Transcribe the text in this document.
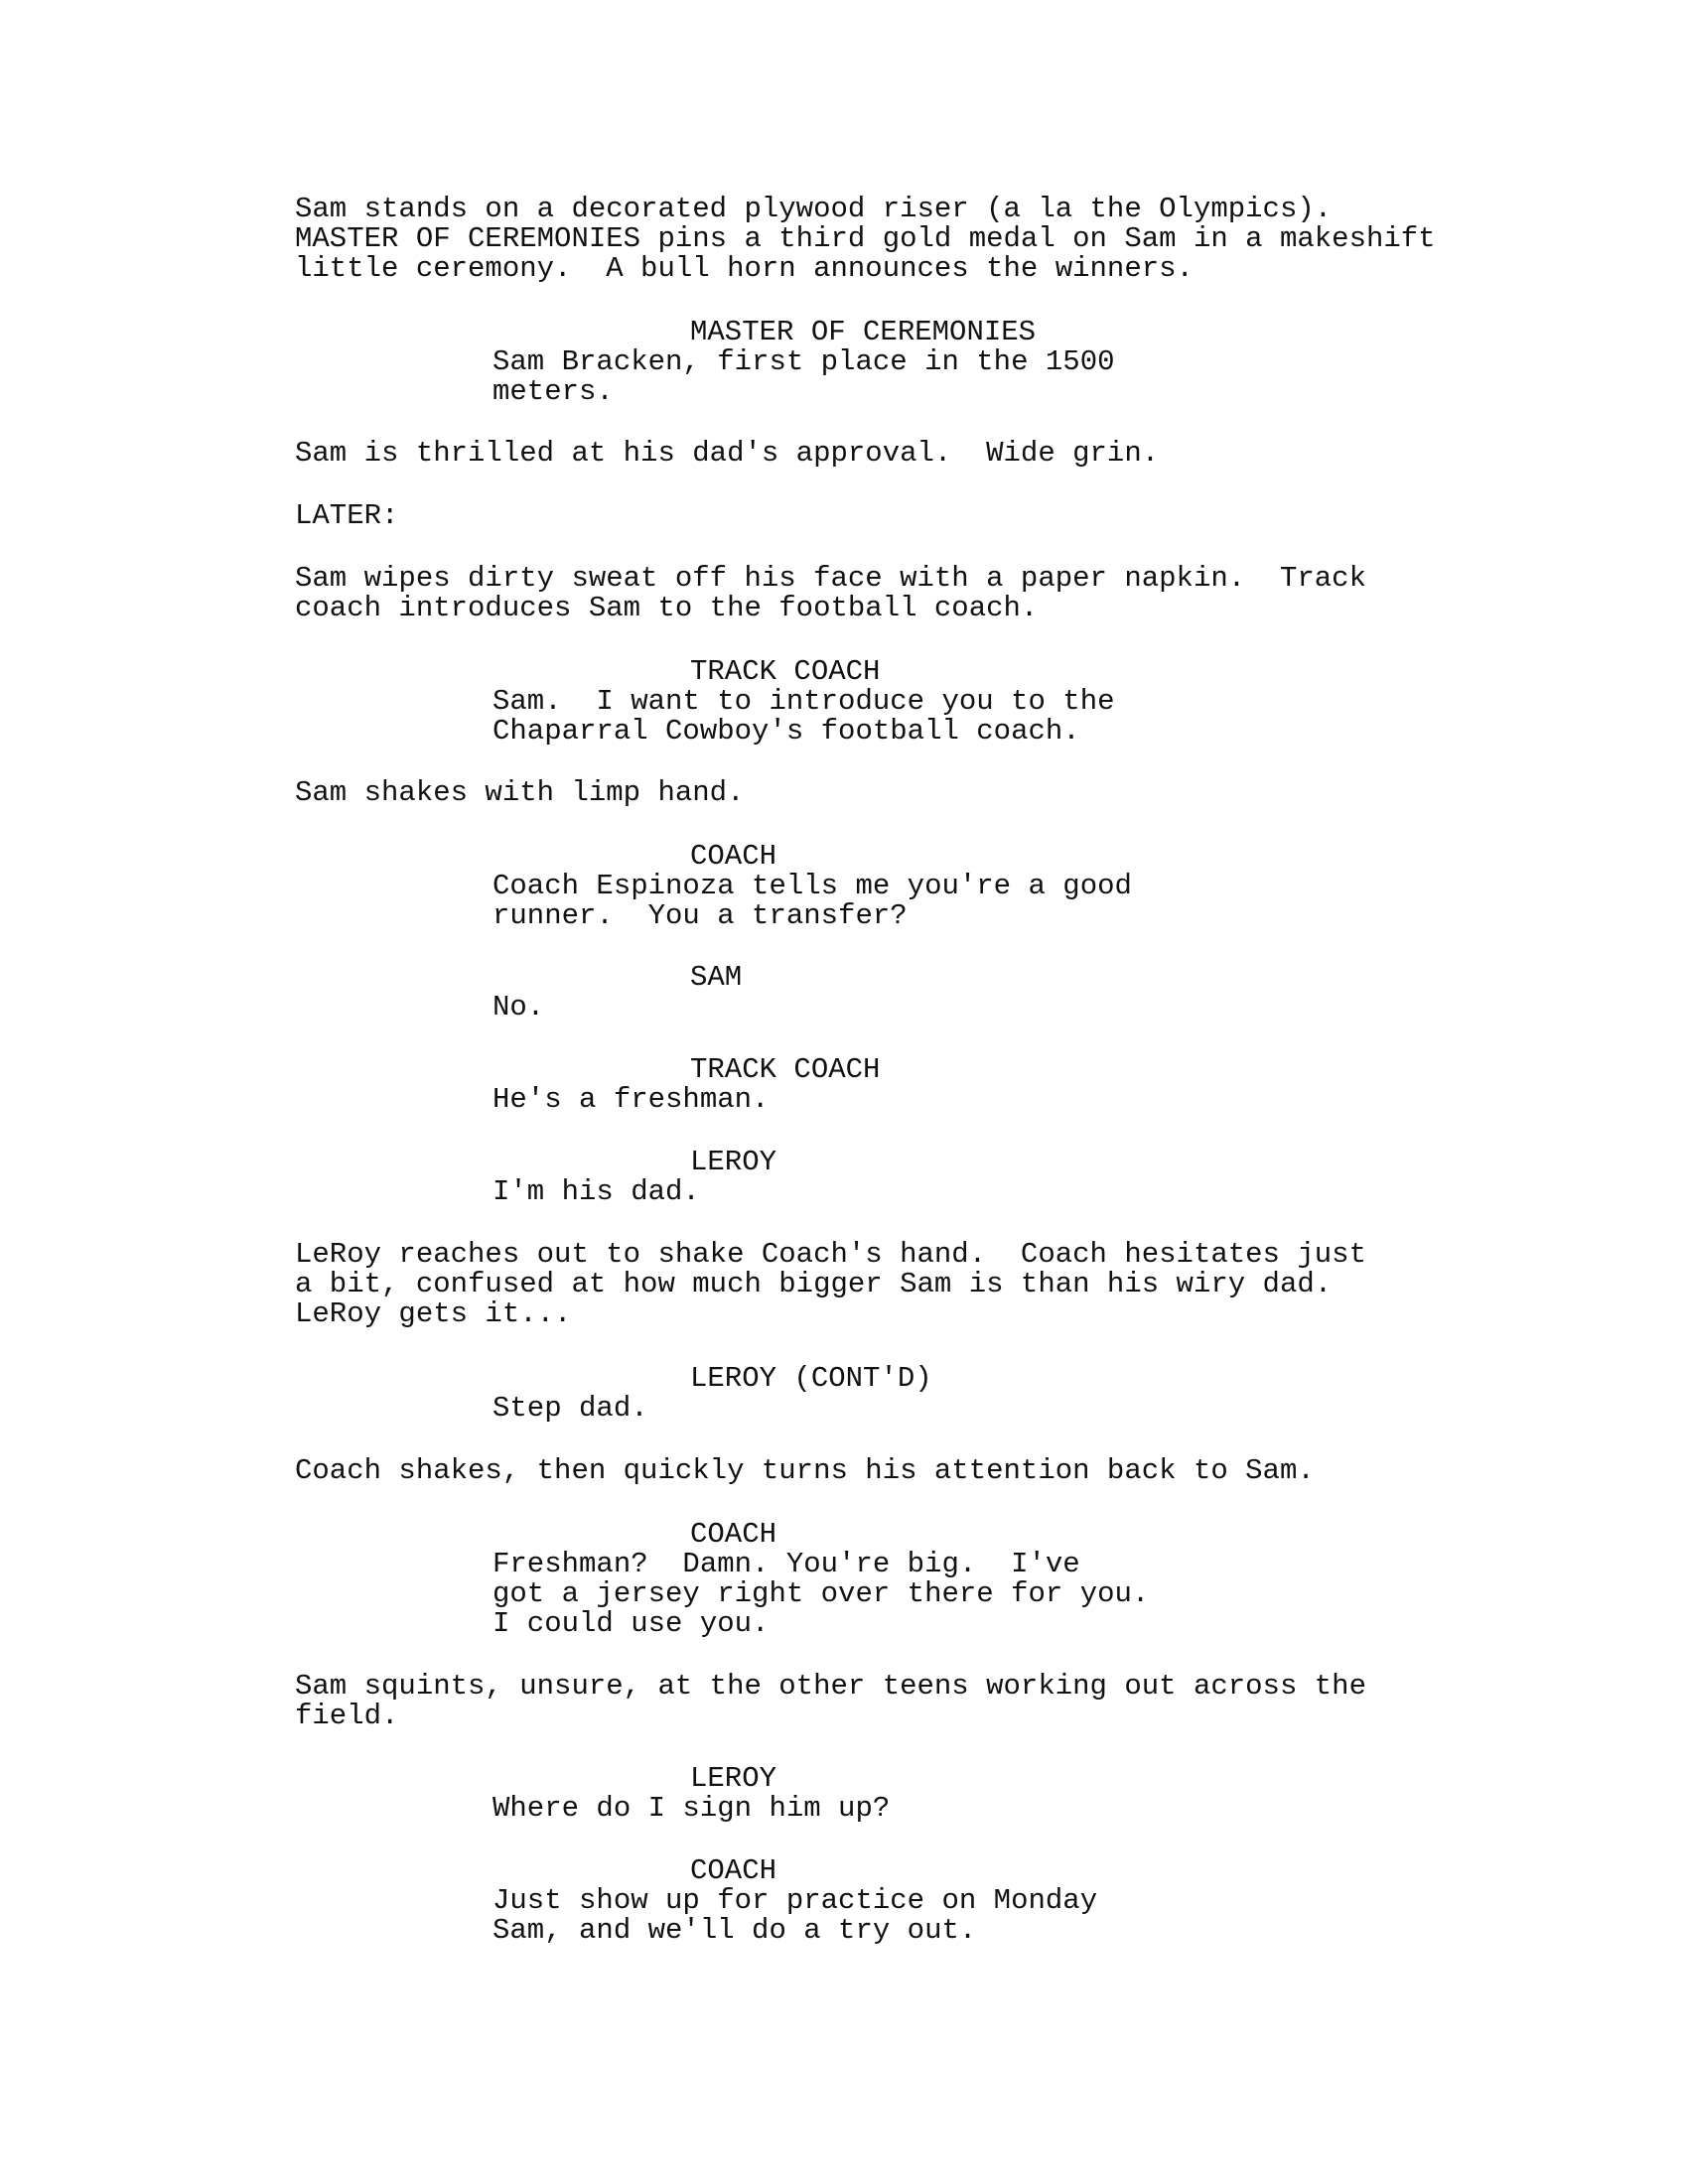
Sam stands on a decorated plywood riser (a la the Olympics).
MASTER OF CEREMONIES pins a third gold medal on Sam in a makeshift
little ceremony.  A bull horn announces the winners.
MASTER OF CEREMONIES
Sam Bracken, first place in the 1500
meters.
Sam is thrilled at his dad's approval.  Wide grin.
LATER:
Sam wipes dirty sweat off his face with a paper napkin.  Track
coach introduces Sam to the football coach.
TRACK COACH
Sam.  I want to introduce you to the
Chaparral Cowboy's football coach.
Sam shakes with limp hand.
COACH
Coach Espinoza tells me you're a good
runner.  You a transfer?
SAM
No.
TRACK COACH
He's a freshman.
LEROY
I'm his dad.
LeRoy reaches out to shake Coach's hand.  Coach hesitates just
a bit, confused at how much bigger Sam is than his wiry dad.
LeRoy gets it...
LEROY (CONT'D)
Step dad.
Coach shakes, then quickly turns his attention back to Sam.
COACH
Freshman?  Damn. You're big.  I've
got a jersey right over there for you.
I could use you.
Sam squints, unsure, at the other teens working out across the
field.
LEROY
Where do I sign him up?
COACH
Just show up for practice on Monday
Sam, and we'll do a try out.
